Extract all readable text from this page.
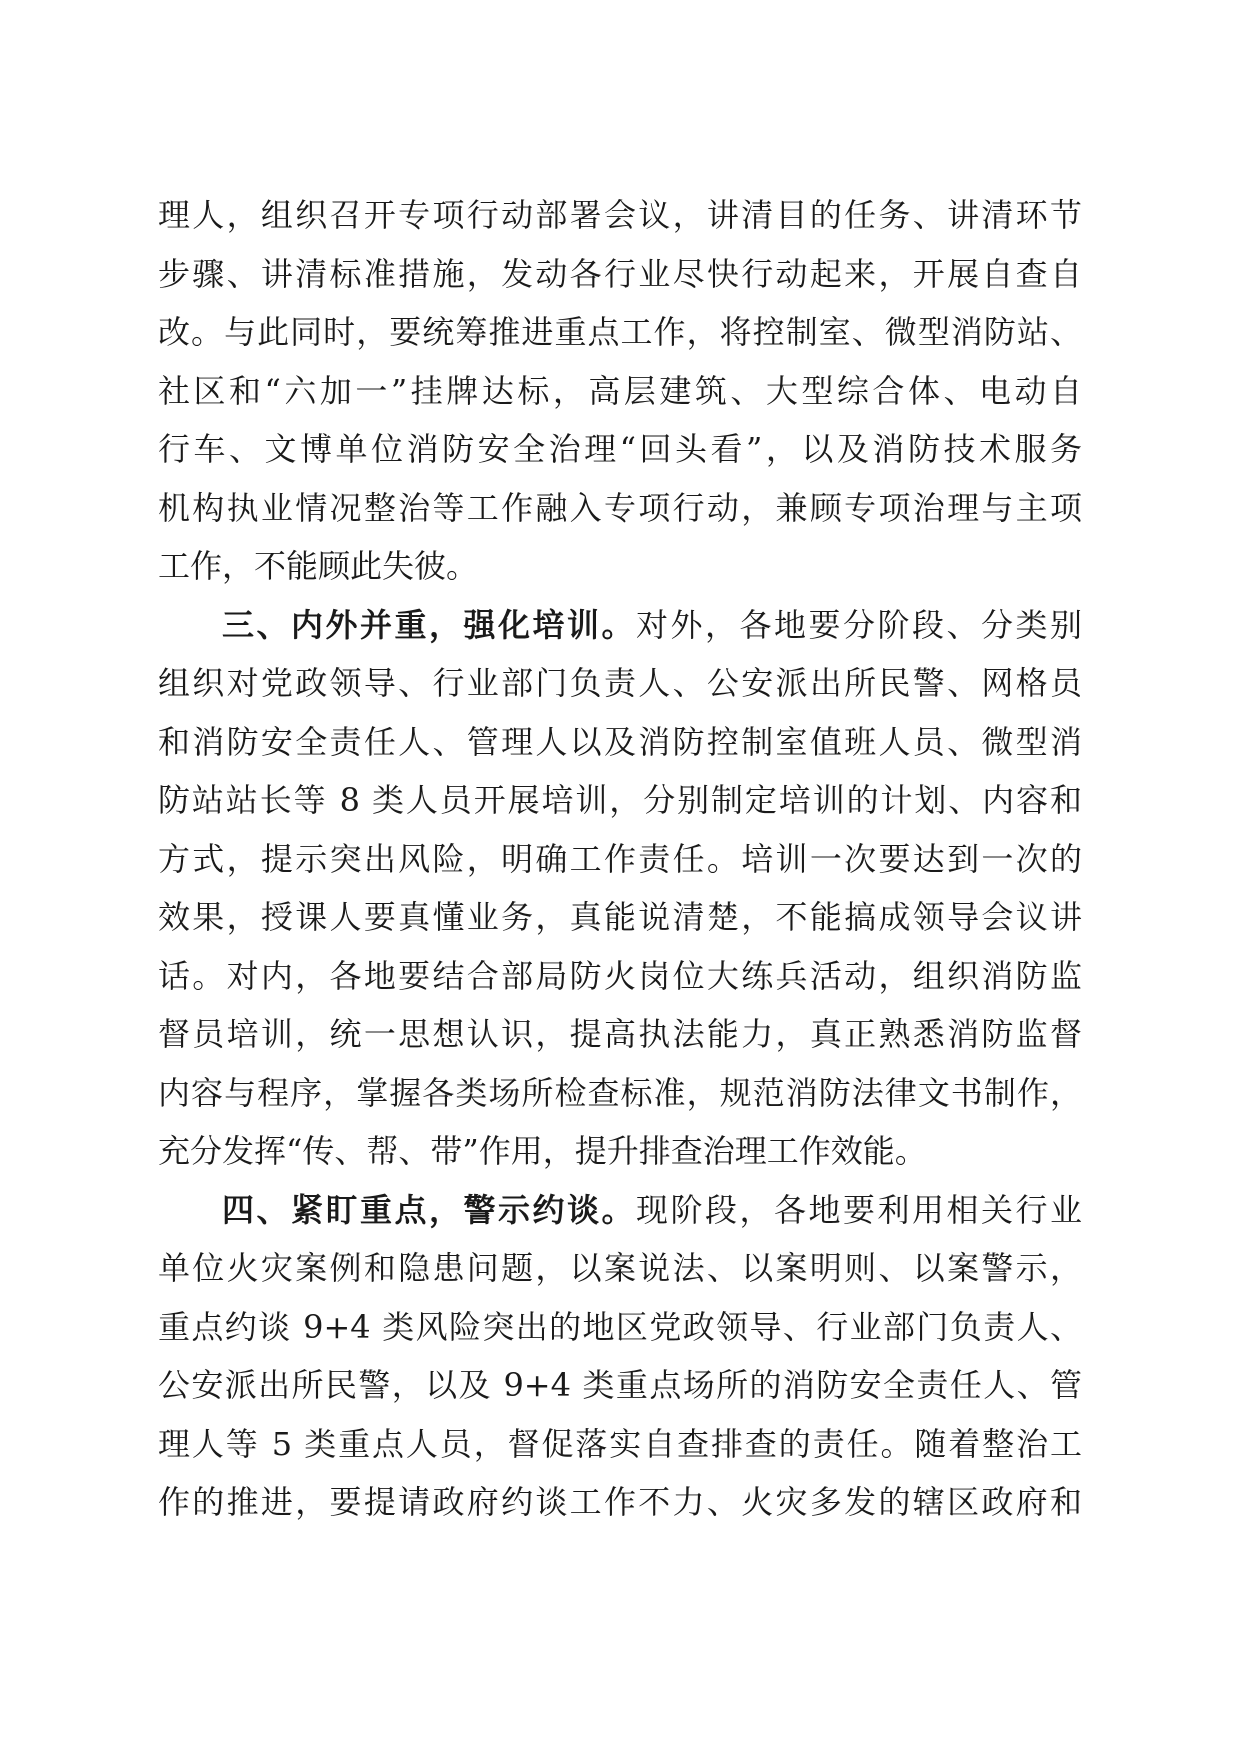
理人，组织召开专项行动部署会议，讲清目的任务、讲清环节
步骤、讲清标准措施，发动各行业尽快行动起来，开展自查自
改。与此同时，要统筹推进重点工作，将控制室、微型消防站、
社区和“六加一”挂牌达标，高层建筑、大型综合体、电动自
行车、文博单位消防安全治理“回头看”，以及消防技术服务
机构执业情况整治等工作融入专项行动，兼顾专项治理与主项
工作，不能顾此失彼。
三、内外并重，强化培训。对外，各地要分阶段、分类别
组织对党政领导、行业部门负责人、公安派出所民警、网格员
和消防安全责任人、管理人以及消防控制室值班人员、微型消
防站站长等 8 类人员开展培训，分别制定培训的计划、内容和
方式，提示突出风险，明确工作责任。培训一次要达到一次的
效果，授课人要真懂业务，真能说清楚，不能搞成领导会议讲
话。对内，各地要结合部局防火岗位大练兵活动，组织消防监
督员培训，统一思想认识，提高执法能力，真正熟悉消防监督
内容与程序，掌握各类场所检查标准，规范消防法律文书制作，
充分发挥“传、帮、带”作用，提升排查治理工作效能。
四、紧盯重点，警示约谈。现阶段，各地要利用相关行业
单位火灾案例和隐患问题，以案说法、以案明则、以案警示，
重点约谈 9+4 类风险突出的地区党政领导、行业部门负责人、
公安派出所民警，以及 9+4 类重点场所的消防安全责任人、管
理人等 5 类重点人员，督促落实自查排查的责任。随着整治工
作的推进，要提请政府约谈工作不力、火灾多发的辖区政府和
